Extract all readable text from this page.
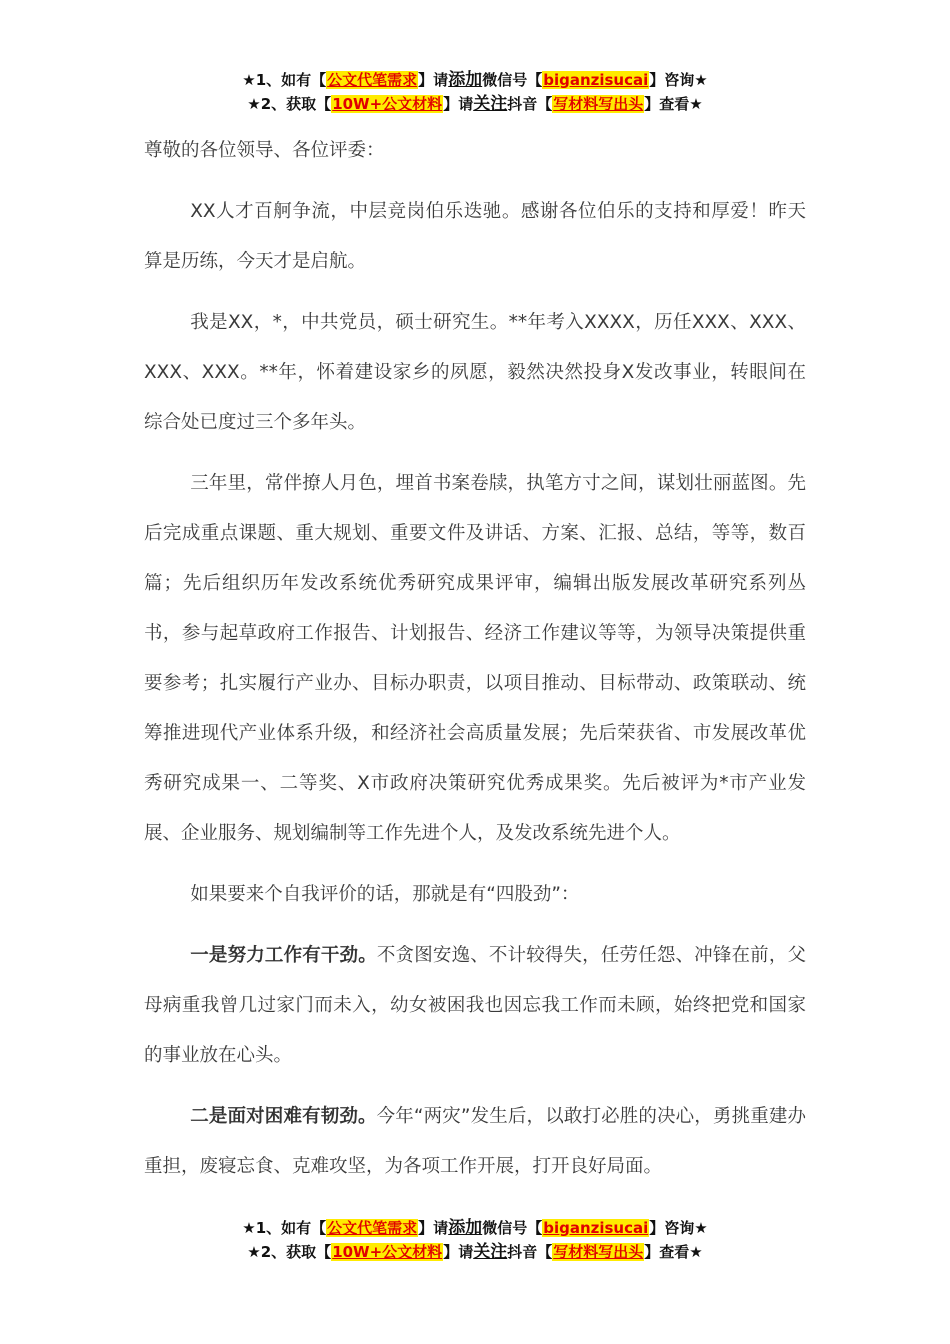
★1、如有【公文代笔需求】请添加微信号【biganzisucai】咨询★
★2、获取【10W+公文材料】请关注抖音【写材料写出头】查看★

尊敬的各位领导、各位评委：

XX人才百舸争流，中层竞岗伯乐迭驰。感谢各位伯乐的支持和厚爱！昨天算是历练，今天才是启航。

我是XX，*，中共党员，硕士研究生。**年考入XXXX，历任XXX、XXX、XXX、XXX。**年，怀着建设家乡的夙愿，毅然决然投身X发改事业，转眼间在综合处已度过三个多年头。

三年里，常伴撩人月色，埋首书案卷牍，执笔方寸之间，谋划壮丽蓝图。先后完成重点课题、重大规划、重要文件及讲话、方案、汇报、总结，等等，数百篇；先后组织历年发改系统优秀研究成果评审，编辑出版发展改革研究系列丛书，参与起草政府工作报告、计划报告、经济工作建议等等，为领导决策提供重要参考；扎实履行产业办、目标办职责，以项目推动、目标带动、政策联动、统筹推进现代产业体系升级，和经济社会高质量发展；先后荣获省、市发展改革优秀研究成果一、二等奖、X市政府决策研究优秀成果奖。先后被评为*市产业发展、企业服务、规划编制等工作先进个人，及发改系统先进个人。

如果要来个自我评价的话，那就是有“四股劲”：

一是努力工作有干劲。不贪图安逸、不计较得失，任劳任怨、冲锋在前，父母病重我曾几过家门而未入，幼女被困我也因忘我工作而未顾，始终把党和国家的事业放在心头。

二是面对困难有韧劲。今年“两灾”发生后，以敢打必胜的决心，勇挑重建办重担，废寝忘食、克难攻坚，为各项工作开展，打开良好局面。

★1、如有【公文代笔需求】请添加微信号【biganzisucai】咨询★
★2、获取【10W+公文材料】请关注抖音【写材料写出头】查看★
